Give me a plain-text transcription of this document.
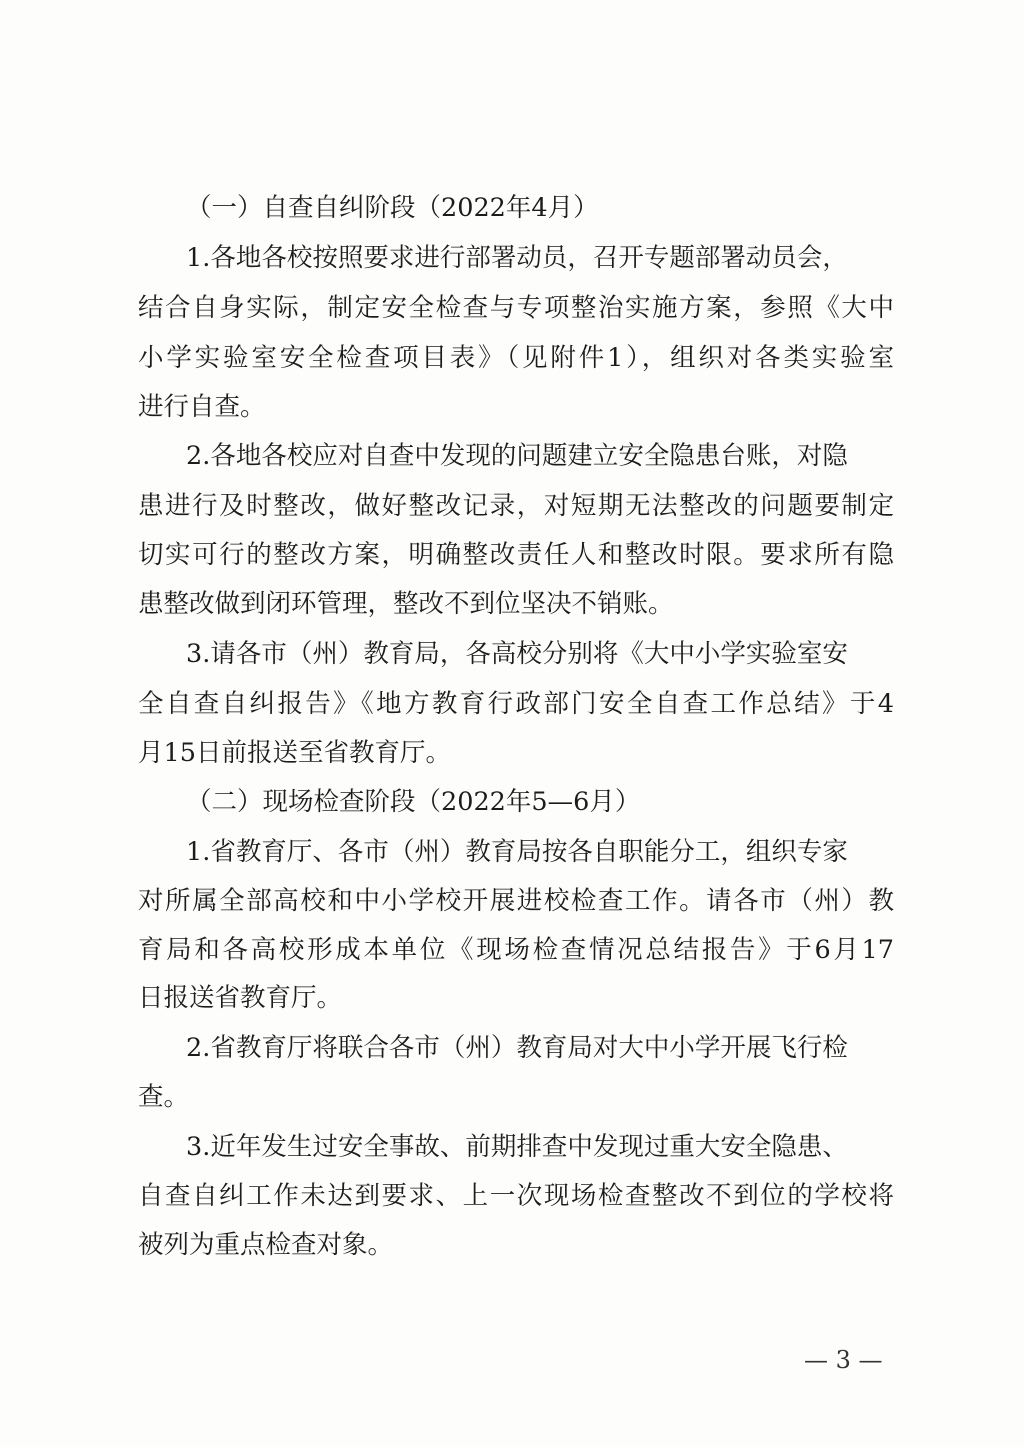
（一）自查自纠阶段（2022年4月）

1.各地各校按照要求进行部署动员，召开专题部署动员会，

结合自身实际，制定安全检查与专项整治实施方案，参照《大中

小学实验室安全检查项目表》（见附件1），组织对各类实验室

进行自查。

2.各地各校应对自查中发现的问题建立安全隐患台账，对隐

患进行及时整改，做好整改记录，对短期无法整改的问题要制定

切实可行的整改方案，明确整改责任人和整改时限。要求所有隐

患整改做到闭环管理，整改不到位坚决不销账。

3.请各市（州）教育局，各高校分别将《大中小学实验室安

全自查自纠报告》《地方教育行政部门安全自查工作总结》于4

月15日前报送至省教育厅。

（二）现场检查阶段（2022年5—6月）

1.省教育厅、各市（州）教育局按各自职能分工，组织专家

对所属全部高校和中小学校开展进校检查工作。请各市（州）教

育局和各高校形成本单位《现场检查情况总结报告》于6月17

日报送省教育厅。

2.省教育厅将联合各市（州）教育局对大中小学开展飞行检

查。

3.近年发生过安全事故、前期排查中发现过重大安全隐患、

自查自纠工作未达到要求、上一次现场检查整改不到位的学校将

被列为重点检查对象。

— 3 —
